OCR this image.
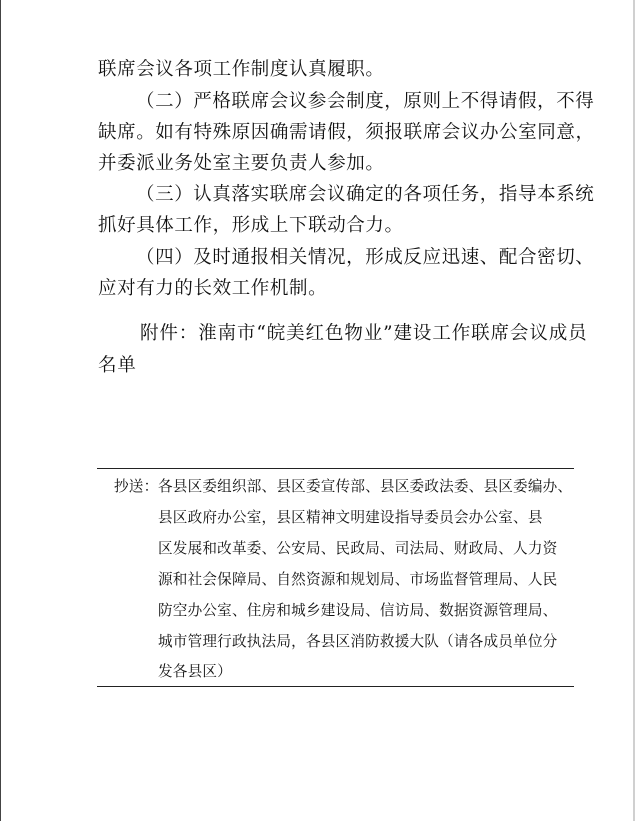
联席会议各项工作制度认真履职。
（二）严格联席会议参会制度，原则上不得请假，不得
缺席。如有特殊原因确需请假，须报联席会议办公室同意，
并委派业务处室主要负责人参加。
（三）认真落实联席会议确定的各项任务，指导本系统
抓好具体工作，形成上下联动合力。
（四）及时通报相关情况，形成反应迅速、配合密切、
应对有力的长效工作机制。
附件：淮南市“皖美红色物业”建设工作联席会议成员
名单
抄送： 各县区委组织部、县区委宣传部、县区委政法委、县区委编办、
县区政府办公室，县区精神文明建设指导委员会办公室、县
区发展和改革委、公安局、民政局、司法局、财政局、人力资
源和社会保障局、自然资源和规划局、市场监督管理局、人民
防空办公室、住房和城乡建设局、信访局、数据资源管理局、
城市管理行政执法局，各县区消防救援大队（请各成员单位分
发各县区）
